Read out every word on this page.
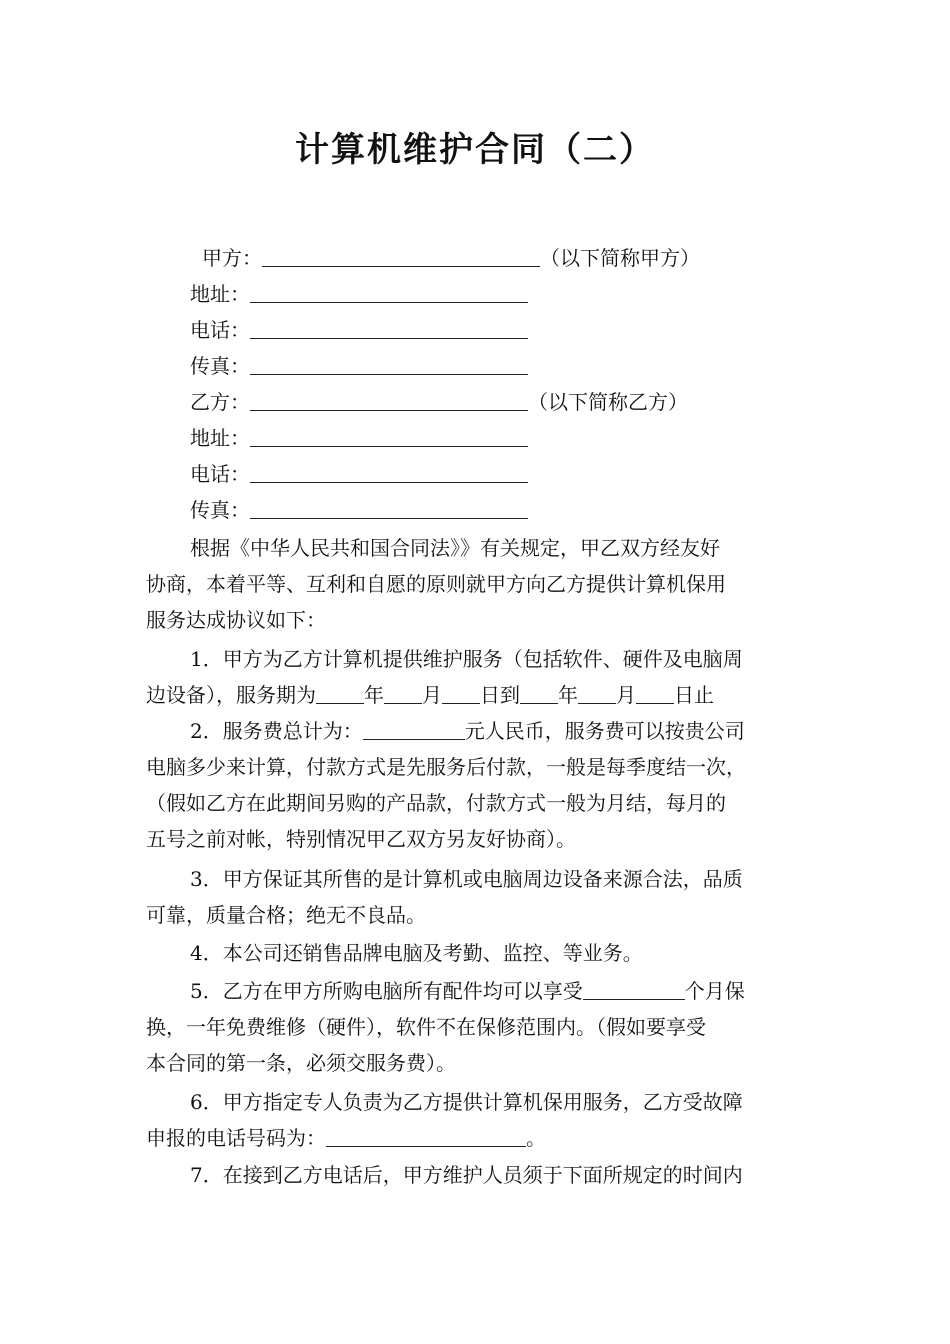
计算机维护合同（二）
甲方：	（以下简称甲方）
地址：
电话：
传真：
乙方：	（以下简称乙方）
地址：
电话：
传真：
根据《中华人民共和国合同法》》有关规定，甲乙双方经友好
协商，本着平等、互利和自愿的原则就甲方向乙方提供计算机保用
服务达成协议如下：
1．甲方为乙方计算机提供维护服务（包括软件、硬件及电脑周
边设备），服务期为 年 月 日到 年 月 日止
2．服务费总计为：	元人民币，服务费可以按贵公司
电脑多少来计算，付款方式是先服务后付款，一般是每季度结一次，
（假如乙方在此期间另购的产品款，付款方式一般为月结，每月的
五号之前对帐，特别情况甲乙双方另友好协商）。
3．甲方保证其所售的是计算机或电脑周边设备来源合法，品质
可靠，质量合格；绝无不良品。
4．本公司还销售品牌电脑及考勤、监控、等业务。
5．乙方在甲方所购电脑所有配件均可以享受	个月保
换，一年免费维修（硬件），软件不在保修范围内。（假如要享受
本合同的第一条，必须交服务费）。
6．甲方指定专人负责为乙方提供计算机保用服务，乙方受故障
申报的电话号码为：	。
7．在接到乙方电话后，甲方维护人员须于下面所规定的时间内
